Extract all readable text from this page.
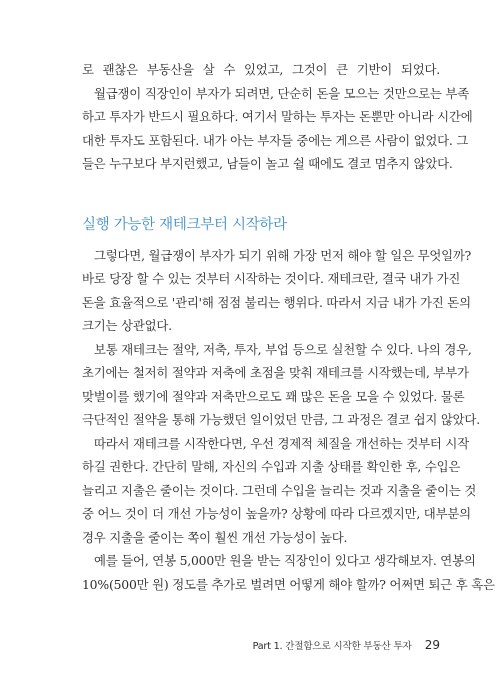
로 괜찮은 부동산을 살 수 있었고, 그것이 큰 기반이 되었다.
월급쟁이 직장인이 부자가 되려면, 단순히 돈을 모으는 것만으로는 부족
하고 투자가 반드시 필요하다. 여기서 말하는 투자는 돈뿐만 아니라 시간에
대한 투자도 포함된다. 내가 아는 부자들 중에는 게으른 사람이 없었다. 그
들은 누구보다 부지런했고, 남들이 놀고 쉴 때에도 결코 멈추지 않았다.
실행 가능한 재테크부터 시작하라
그렇다면, 월급쟁이 부자가 되기 위해 가장 먼저 해야 할 일은 무엇일까?
바로 당장 할 수 있는 것부터 시작하는 것이다. 재테크란, 결국 내가 가진
돈을 효율적으로 '관리'해 점점 불리는 행위다. 따라서 지금 내가 가진 돈의
크기는 상관없다.
보통 재테크는 절약, 저축, 투자, 부업 등으로 실천할 수 있다. 나의 경우,
초기에는 철저히 절약과 저축에 초점을 맞춰 재테크를 시작했는데, 부부가
맞벌이를 했기에 절약과 저축만으로도 꽤 많은 돈을 모을 수 있었다. 물론
극단적인 절약을 통해 가능했던 일이었던 만큼, 그 과정은 결코 쉽지 않았다.
따라서 재테크를 시작한다면, 우선 경제적 체질을 개선하는 것부터 시작
하길 권한다. 간단히 말해, 자신의 수입과 지출 상태를 확인한 후, 수입은
늘리고 지출은 줄이는 것이다. 그런데 수입을 늘리는 것과 지출을 줄이는 것
중 어느 것이 더 개선 가능성이 높을까? 상황에 따라 다르겠지만, 대부분의
경우 지출을 줄이는 쪽이 훨씬 개선 가능성이 높다.
예를 들어, 연봉 5,000만 원을 받는 직장인이 있다고 생각해보자. 연봉의
10%(500만 원) 정도를 추가로 벌려면 어떻게 해야 할까? 어쩌면 퇴근 후 혹은
Part 1. 간절함으로 시작한 부동산 투자 29
